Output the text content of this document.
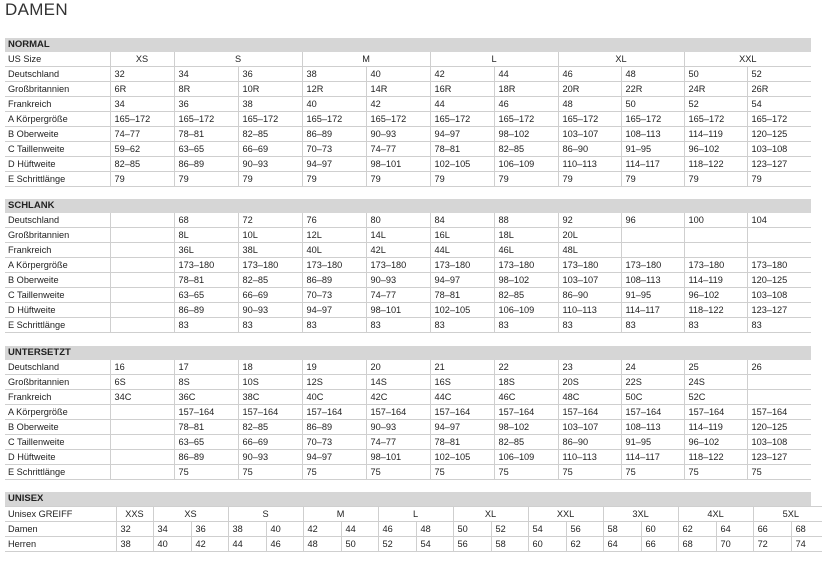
DAMEN
NORMAL
US Size	XS	S		M		L		XL		XXL	
Deutschland	32	34	36	38	40	42	44	46	48	50	52
Großbritannien	6R	8R	10R	12R	14R	16R	18R	20R	22R	24R	26R
Frankreich	34	36	38	40	42	44	46	48	50	52	54
A Körpergröße	165–172	165–172	165–172	165–172	165–172	165–172	165–172	165–172	165–172	165–172	165–172
B Oberweite	74–77	78–81	82–85	86–89	90–93	94–97	98–102	103–107	108–113	114–119	120–125
C Taillenweite	59–62	63–65	66–69	70–73	74–77	78–81	82–85	86–90	91–95	96–102	103–108
D Hüftweite	82–85	86–89	90–93	94–97	98–101	102–105	106–109	110–113	114–117	118–122	123–127
E Schrittlänge	79	79	79	79	79	79	79	79	79	79	79
SCHLANK
Deutschland		68	72	76	80	84	88	92	96	100	104
Großbritannien		8L	10L	12L	14L	16L	18L	20L			
Frankreich		36L	38L	40L	42L	44L	46L	48L			
A Körpergröße		173–180	173–180	173–180	173–180	173–180	173–180	173–180	173–180	173–180	173–180
B Oberweite		78–81	82–85	86–89	90–93	94–97	98–102	103–107	108–113	114–119	120–125
C Taillenweite		63–65	66–69	70–73	74–77	78–81	82–85	86–90	91–95	96–102	103–108
D Hüftweite		86–89	90–93	94–97	98–101	102–105	106–109	110–113	114–117	118–122	123–127
E Schrittlänge		83	83	83	83	83	83	83	83	83	83
UNTERSETZT
Deutschland	16	17	18	19	20	21	22	23	24	25	26
Großbritannien	6S	8S	10S	12S	14S	16S	18S	20S	22S	24S	
Frankreich	34C	36C	38C	40C	42C	44C	46C	48C	50C	52C	
A Körpergröße		157–164	157–164	157–164	157–164	157–164	157–164	157–164	157–164	157–164	157–164
B Oberweite		78–81	82–85	86–89	90–93	94–97	98–102	103–107	108–113	114–119	120–125
C Taillenweite		63–65	66–69	70–73	74–77	78–81	82–85	86–90	91–95	96–102	103–108
D Hüftweite		86–89	90–93	94–97	98–101	102–105	106–109	110–113	114–117	118–122	123–127
E Schrittlänge		75	75	75	75	75	75	75	75	75	75
UNISEX
Unisex GREIFF	XXS	XS		S		M		L		XL		XXL		3XL		4XL		5XL	
Damen	32	34	36	38	40	42	44	46	48	50	52	54	56	58	60	62	64	66	68
Herren	38	40	42	44	46	48	50	52	54	56	58	60	62	64	66	68	70	72	74
